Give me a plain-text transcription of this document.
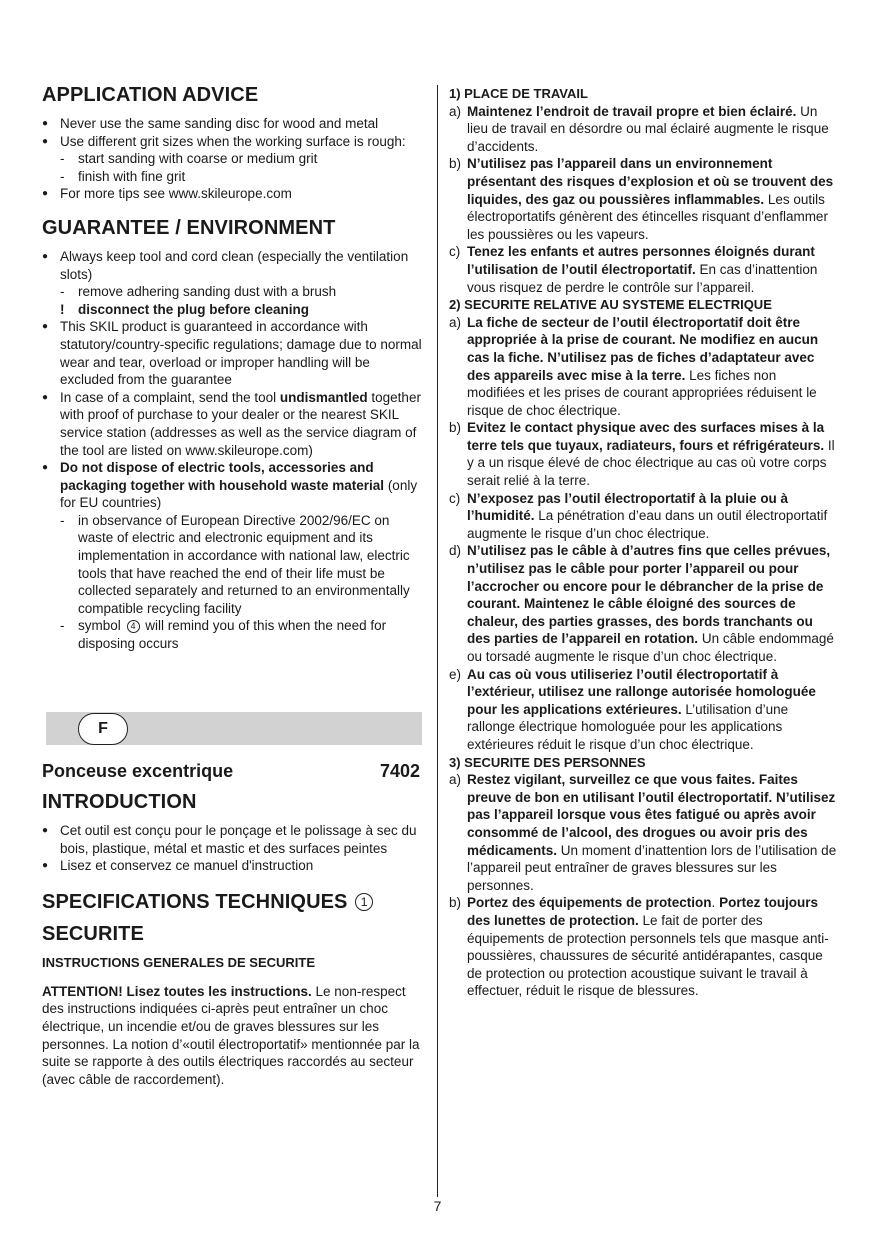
APPLICATION ADVICE
● Never use the same sanding disc for wood and metal
● Use different grit sizes when the working surface is rough:
- start sanding with coarse or medium grit
- finish with fine grit
● For more tips see www.skileurope.com
GUARANTEE / ENVIRONMENT
● Always keep tool and cord clean (especially the ventilation slots)
- remove adhering sanding dust with a brush
! disconnect the plug before cleaning
● This SKIL product is guaranteed in accordance with statutory/country-specific regulations; damage due to normal wear and tear, overload or improper handling will be excluded from the guarantee
● In case of a complaint, send the tool undismantled together with proof of purchase to your dealer or the nearest SKIL service station (addresses as well as the service diagram of the tool are listed on www.skileurope.com)
● Do not dispose of electric tools, accessories and packaging together with household waste material (only for EU countries)
- in observance of European Directive 2002/96/EC on waste of electric and electronic equipment and its implementation in accordance with national law, electric tools that have reached the end of their life must be collected separately and returned to an environmentally compatible recycling facility
- symbol 4 will remind you of this when the need for disposing occurs
F
Ponceuse excentrique	7402
INTRODUCTION
● Cet outil est conçu pour le ponçage et le polissage à sec du bois, plastique, métal et mastic et des surfaces peintes
● Lisez et conservez ce manuel d'instruction
SPECIFICATIONS TECHNIQUES 1
SECURITE
INSTRUCTIONS GENERALES DE SECURITE

ATTENTION! Lisez toutes les instructions. Le non-respect des instructions indiquées ci-après peut entraîner un choc électrique, un incendie et/ou de graves blessures sur les personnes. La notion d’«outil électroportatif» mentionnée par la suite se rapporte à des outils électriques raccordés au secteur (avec câble de raccordement).

1) PLACE DE TRAVAIL
a) Maintenez l’endroit de travail propre et bien éclairé. Un lieu de travail en désordre ou mal éclairé augmente le risque d’accidents.
b) N’utilisez pas l’appareil dans un environnement présentant des risques d’explosion et où se trouvent des liquides, des gaz ou poussières inflammables. Les outils électroportatifs génèrent des étincelles risquant d’enflammer les poussières ou les vapeurs.
c) Tenez les enfants et autres personnes éloignés durant l’utilisation de l’outil électroportatif. En cas d’inattention vous risquez de perdre le contrôle sur l’appareil.
2) SECURITE RELATIVE AU SYSTEME ELECTRIQUE
a) La fiche de secteur de l’outil électroportatif doit être appropriée à la prise de courant. Ne modifiez en aucun cas la fiche. N’utilisez pas de fiches d’adaptateur avec des appareils avec mise à la terre. Les fiches non modifiées et les prises de courant appropriées réduisent le risque de choc électrique.
b) Evitez le contact physique avec des surfaces mises à la terre tels que tuyaux, radiateurs, fours et réfrigérateurs. Il y a un risque élevé de choc électrique au cas où votre corps serait relié à la terre.
c) N’exposez pas l’outil électroportatif à la pluie ou à l’humidité. La pénétration d’eau dans un outil électroportatif augmente le risque d’un choc électrique.
d) N’utilisez pas le câble à d’autres fins que celles prévues, n’utilisez pas le câble pour porter l’appareil ou pour l’accrocher ou encore pour le débrancher de la prise de courant. Maintenez le câble éloigné des sources de chaleur, des parties grasses, des bords tranchants ou des parties de l’appareil en rotation. Un câble endommagé ou torsadé augmente le risque d’un choc électrique.
e) Au cas où vous utiliseriez l’outil électroportatif à l’extérieur, utilisez une rallonge autorisée homologuée pour les applications extérieures. L’utilisation d’une rallonge électrique homologuée pour les applications extérieures réduit le risque d’un choc électrique.
3) SECURITE DES PERSONNES
a) Restez vigilant, surveillez ce que vous faites. Faites preuve de bon en utilisant l’outil électroportatif. N’utilisez pas l’appareil lorsque vous êtes fatigué ou après avoir consommé de l’alcool, des drogues ou avoir pris des médicaments. Un moment d’inattention lors de l’utilisation de l’appareil peut entraîner de graves blessures sur les personnes.
b) Portez des équipements de protection. Portez toujours des lunettes de protection. Le fait de porter des équipements de protection personnels tels que masque anti-poussières, chaussures de sécurité antidérapantes, casque de protection ou protection acoustique suivant le travail à effectuer, réduit le risque de blessures.
7
